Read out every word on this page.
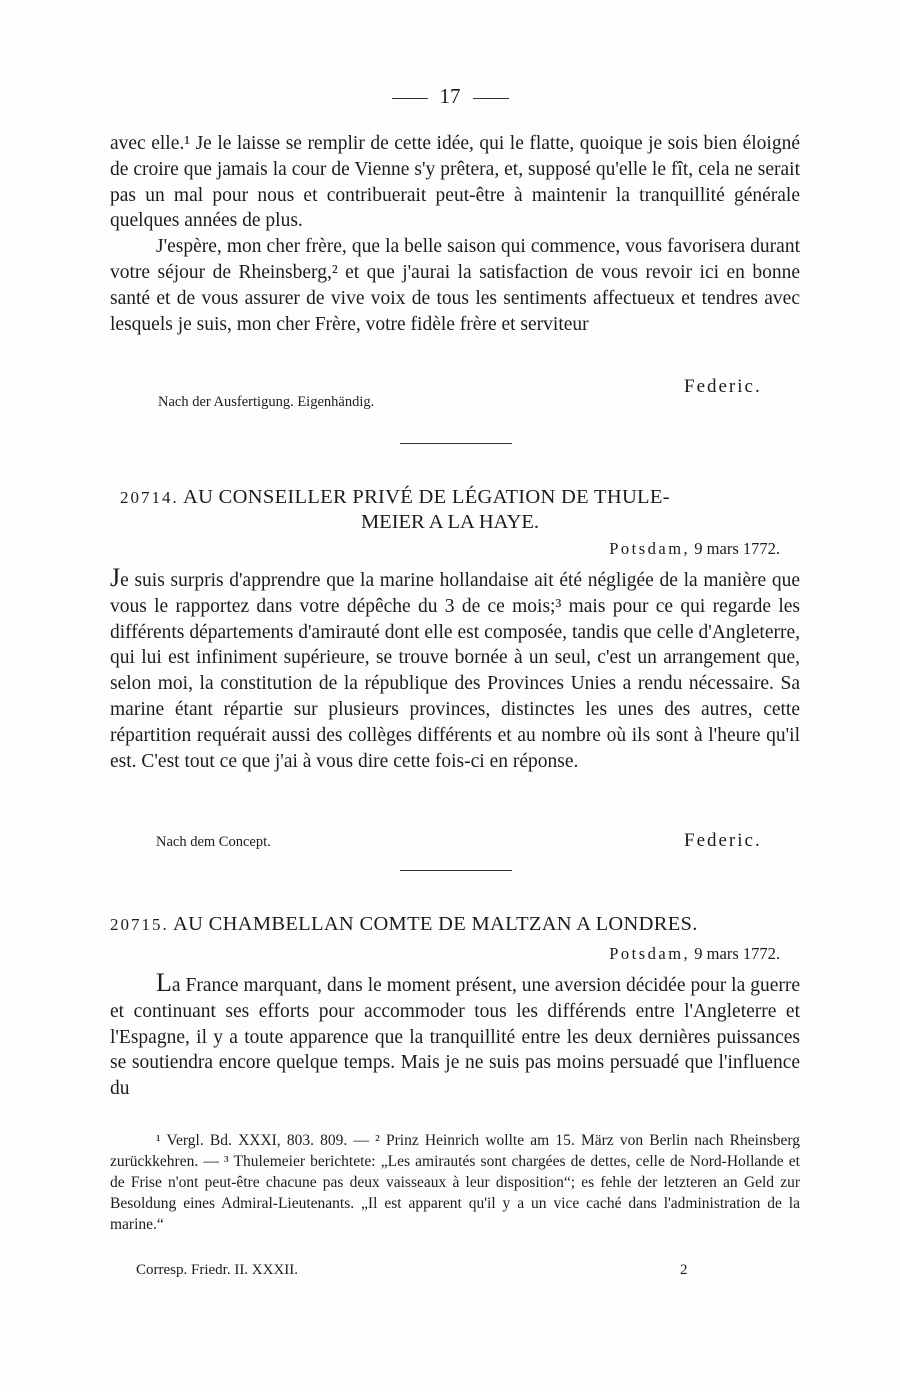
17

avec elle.¹ Je le laisse se remplir de cette idée, qui le flatte, quoique je sois bien éloigné de croire que jamais la cour de Vienne s'y prêtera, et, supposé qu'elle le fît, cela ne serait pas un mal pour nous et contribuerait peut-être à maintenir la tranquillité générale quelques années de plus.

J'espère, mon cher frère, que la belle saison qui commence, vous favorisera durant votre séjour de Rheinsberg,² et que j'aurai la satisfaction de vous revoir ici en bonne santé et de vous assurer de vive voix de tous les sentiments affectueux et tendres avec lesquels je suis, mon cher Frère, votre fidèle frère et serviteur

Federic.
Nach der Ausfertigung. Eigenhändig.
20714. AU CONSEILLER PRIVÉ DE LÉGATION DE THULE-
MEIER A LA HAYE.
Potsdam, 9 mars 1772.

Je suis surpris d'apprendre que la marine hollandaise ait été négligée de la manière que vous le rapportez dans votre dépêche du 3 de ce mois;³ mais pour ce qui regarde les différents départements d'amirauté dont elle est composée, tandis que celle d'Angleterre, qui lui est infiniment supérieure, se trouve bornée à un seul, c'est un arrangement que, selon moi, la constitution de la république des Provinces Unies a rendu nécessaire. Sa marine étant répartie sur plusieurs provinces, distinctes les unes des autres, cette répartition requérait aussi des collèges différents et au nombre où ils sont à l'heure qu'il est. C'est tout ce que j'ai à vous dire cette fois-ci en réponse.

Nach dem Concept.	Federic.
20715. AU CHAMBELLAN COMTE DE MALTZAN A LONDRES.
Potsdam, 9 mars 1772.

La France marquant, dans le moment présent, une aversion décidée pour la guerre et continuant ses efforts pour accommoder tous les différends entre l'Angleterre et l'Espagne, il y a toute apparence que la tranquillité entre les deux dernières puissances se soutiendra encore quelque temps. Mais je ne suis pas moins persuadé que l'influence du

¹ Vergl. Bd. XXXI, 803. 809. — ² Prinz Heinrich wollte am 15. März von Berlin nach Rheinsberg zurückkehren. — ³ Thulemeier berichtete: „Les amirautés sont chargées de dettes, celle de Nord-Hollande et de Frise n'ont peut-être chacune pas deux vaisseaux à leur disposition“; es fehle der letzteren an Geld zur Besoldung eines Admiral-Lieutenants. „Il est apparent qu'il y a un vice caché dans l'administration de la marine.“
Corresp. Friedr. II. XXXII.	2
